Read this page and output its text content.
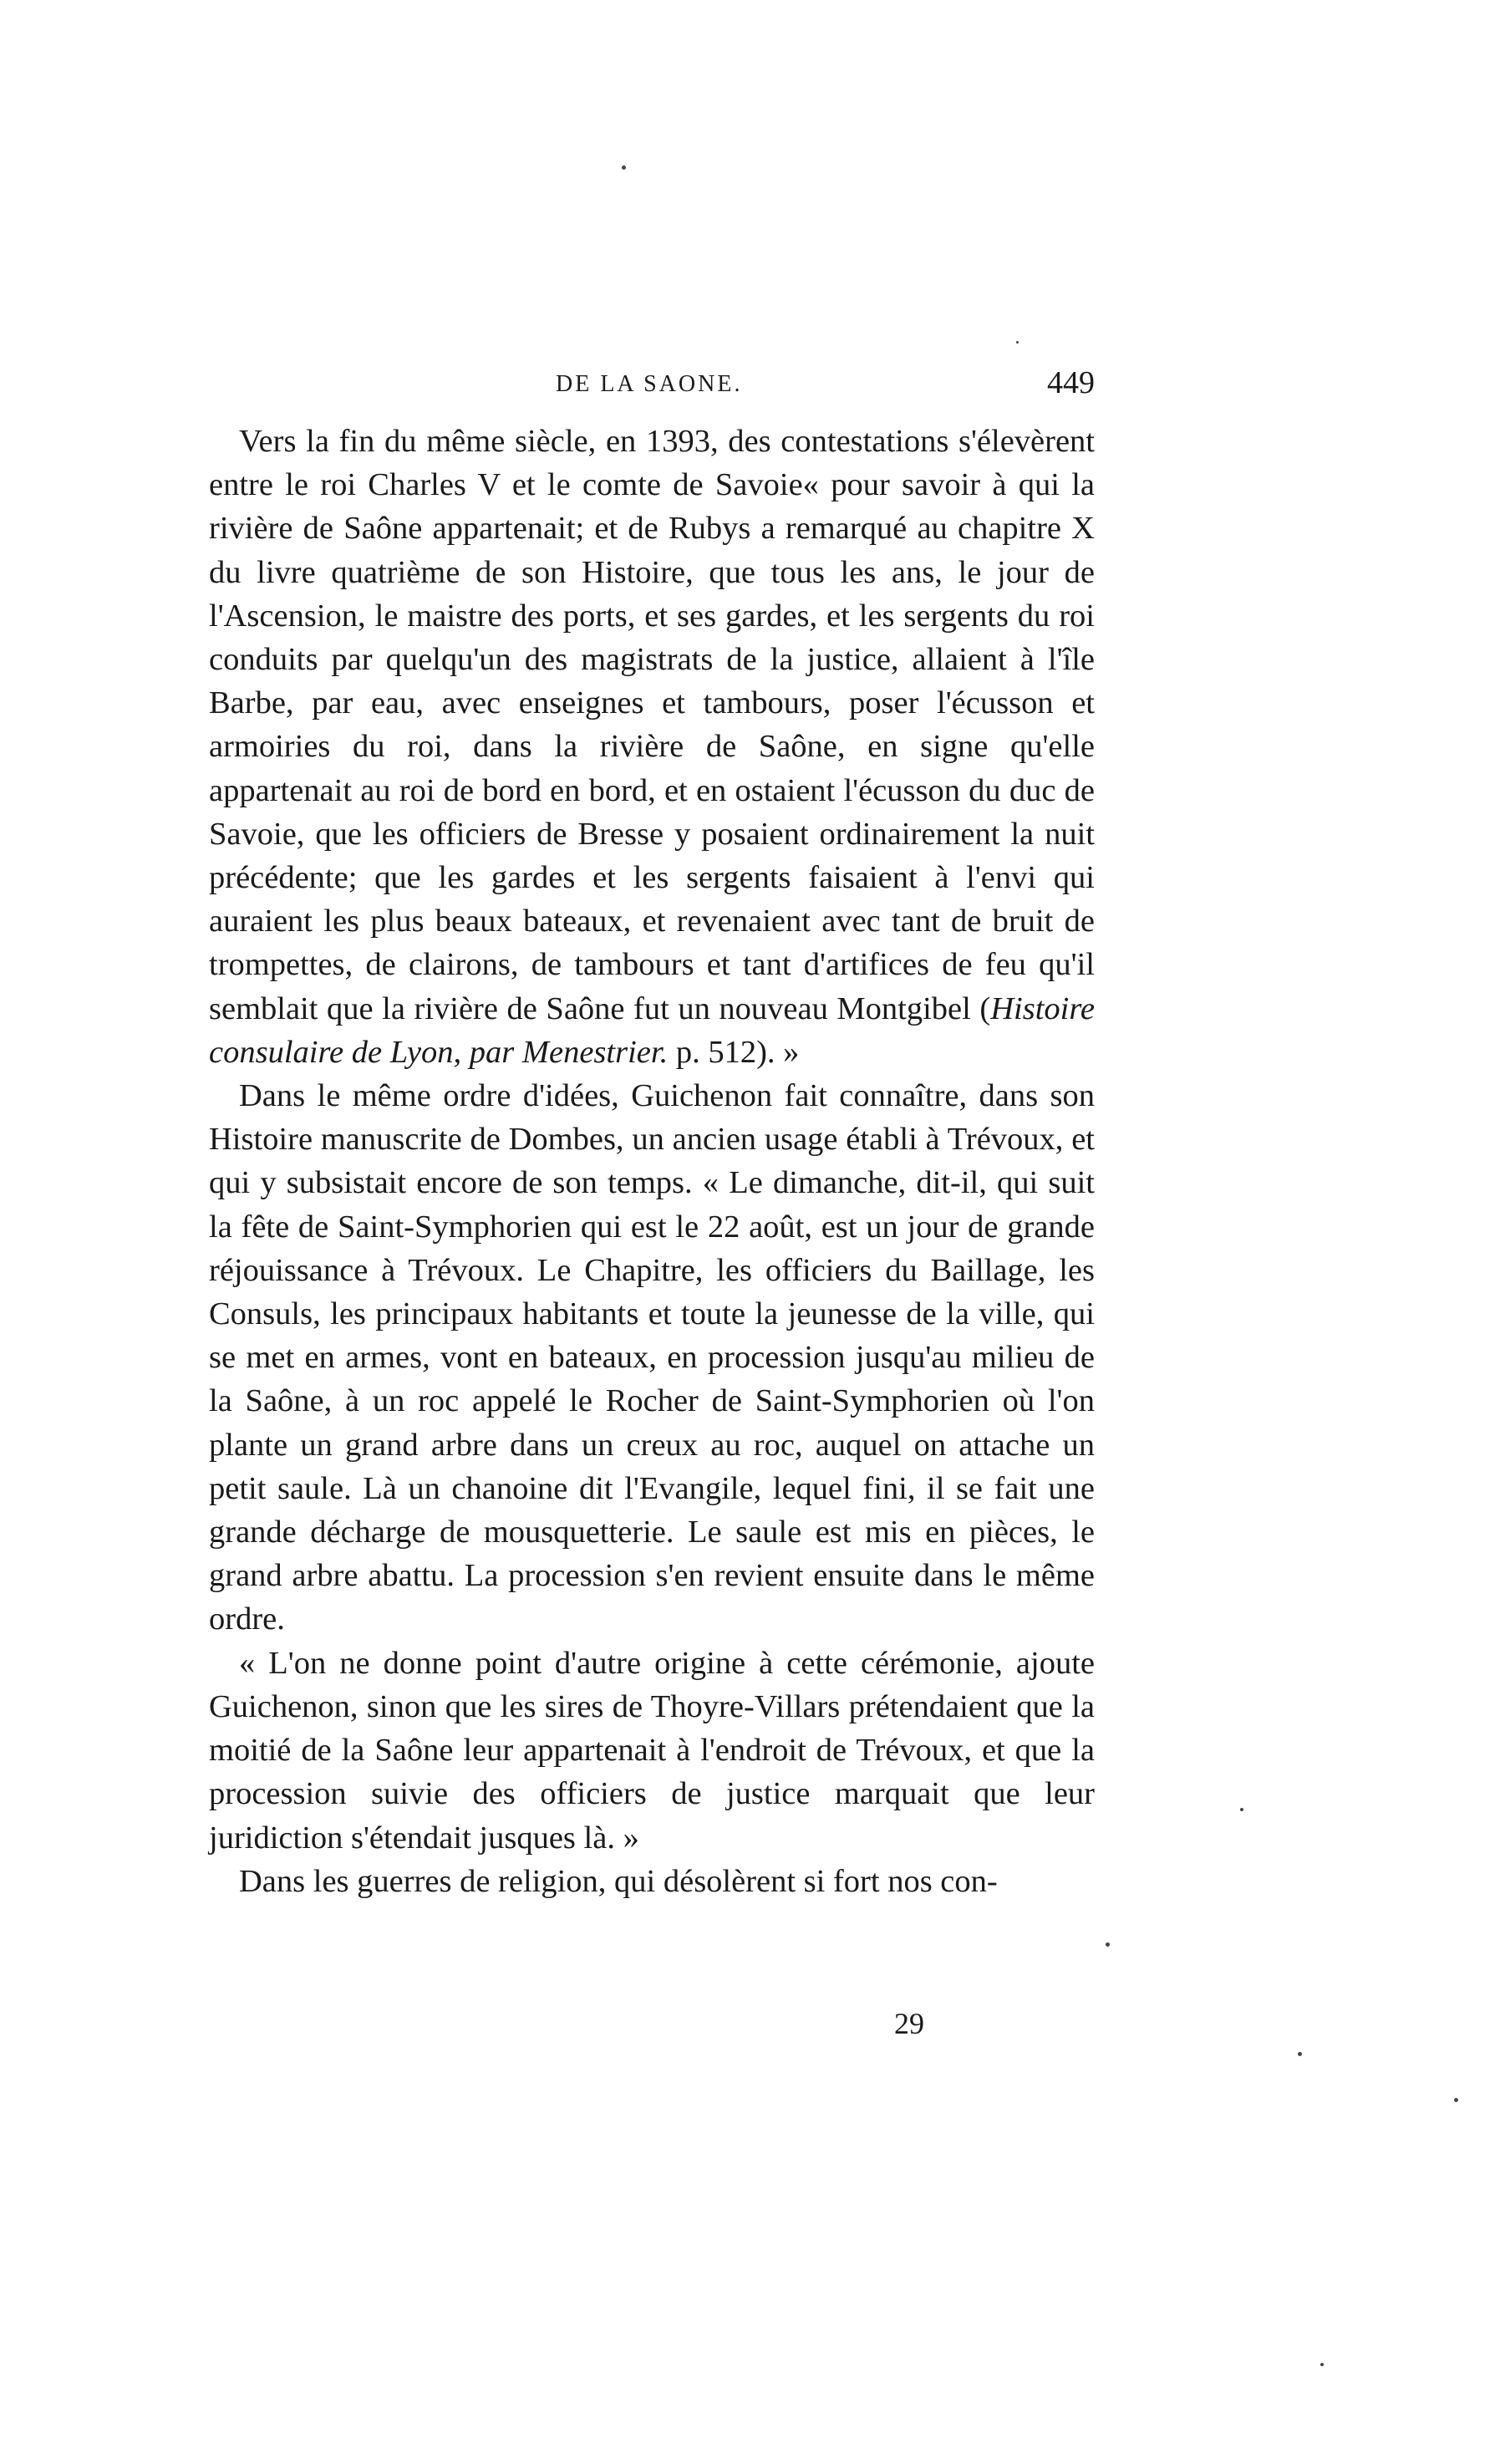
DE LA SAONE.	449

Vers la fin du même siècle, en 1393, des contestations s'élevèrent entre le roi Charles V et le comte de Savoie« pour savoir à qui la rivière de Saône appartenait; et de Rubys a remarqué au chapitre X du livre quatrième de son Histoire, que tous les ans, le jour de l'Ascension, le maistre des ports, et ses gardes, et les sergents du roi conduits par quelqu'un des magistrats de la justice, allaient à l'île Barbe, par eau, avec enseignes et tambours, poser l'écusson et armoiries du roi, dans la rivière de Saône, en signe qu'elle appartenait au roi de bord en bord, et en ostaient l'écusson du duc de Savoie, que les officiers de Bresse y posaient ordinairement la nuit précédente; que les gardes et les sergents faisaient à l'envi qui auraient les plus beaux bateaux, et revenaient avec tant de bruit de trompettes, de clairons, de tambours et tant d'artifices de feu qu'il semblait que la rivière de Saône fut un nouveau Montgibel (Histoire consulaire de Lyon, par Menestrier. p. 512). »

Dans le même ordre d'idées, Guichenon fait connaître, dans son Histoire manuscrite de Dombes, un ancien usage établi à Trévoux, et qui y subsistait encore de son temps. « Le dimanche, dit-il, qui suit la fête de Saint-Symphorien qui est le 22 août, est un jour de grande réjouissance à Trévoux. Le Chapitre, les officiers du Baillage, les Consuls, les principaux habitants et toute la jeunesse de la ville, qui se met en armes, vont en bateaux, en procession jusqu'au milieu de la Saône, à un roc appelé le Rocher de Saint-Symphorien où l'on plante un grand arbre dans un creux au roc, auquel on attache un petit saule. Là un chanoine dit l'Evangile, lequel fini, il se fait une grande décharge de mousquetterie. Le saule est mis en pièces, le grand arbre abattu. La procession s'en revient ensuite dans le même ordre.

« L'on ne donne point d'autre origine à cette cérémonie, ajoute Guichenon, sinon que les sires de Thoyre-Villars prétendaient que la moitié de la Saône leur appartenait à l'endroit de Trévoux, et que la procession suivie des officiers de justice marquait que leur juridiction s'étendait jusques là. »

Dans les guerres de religion, qui désolèrent si fort nos con-

29
